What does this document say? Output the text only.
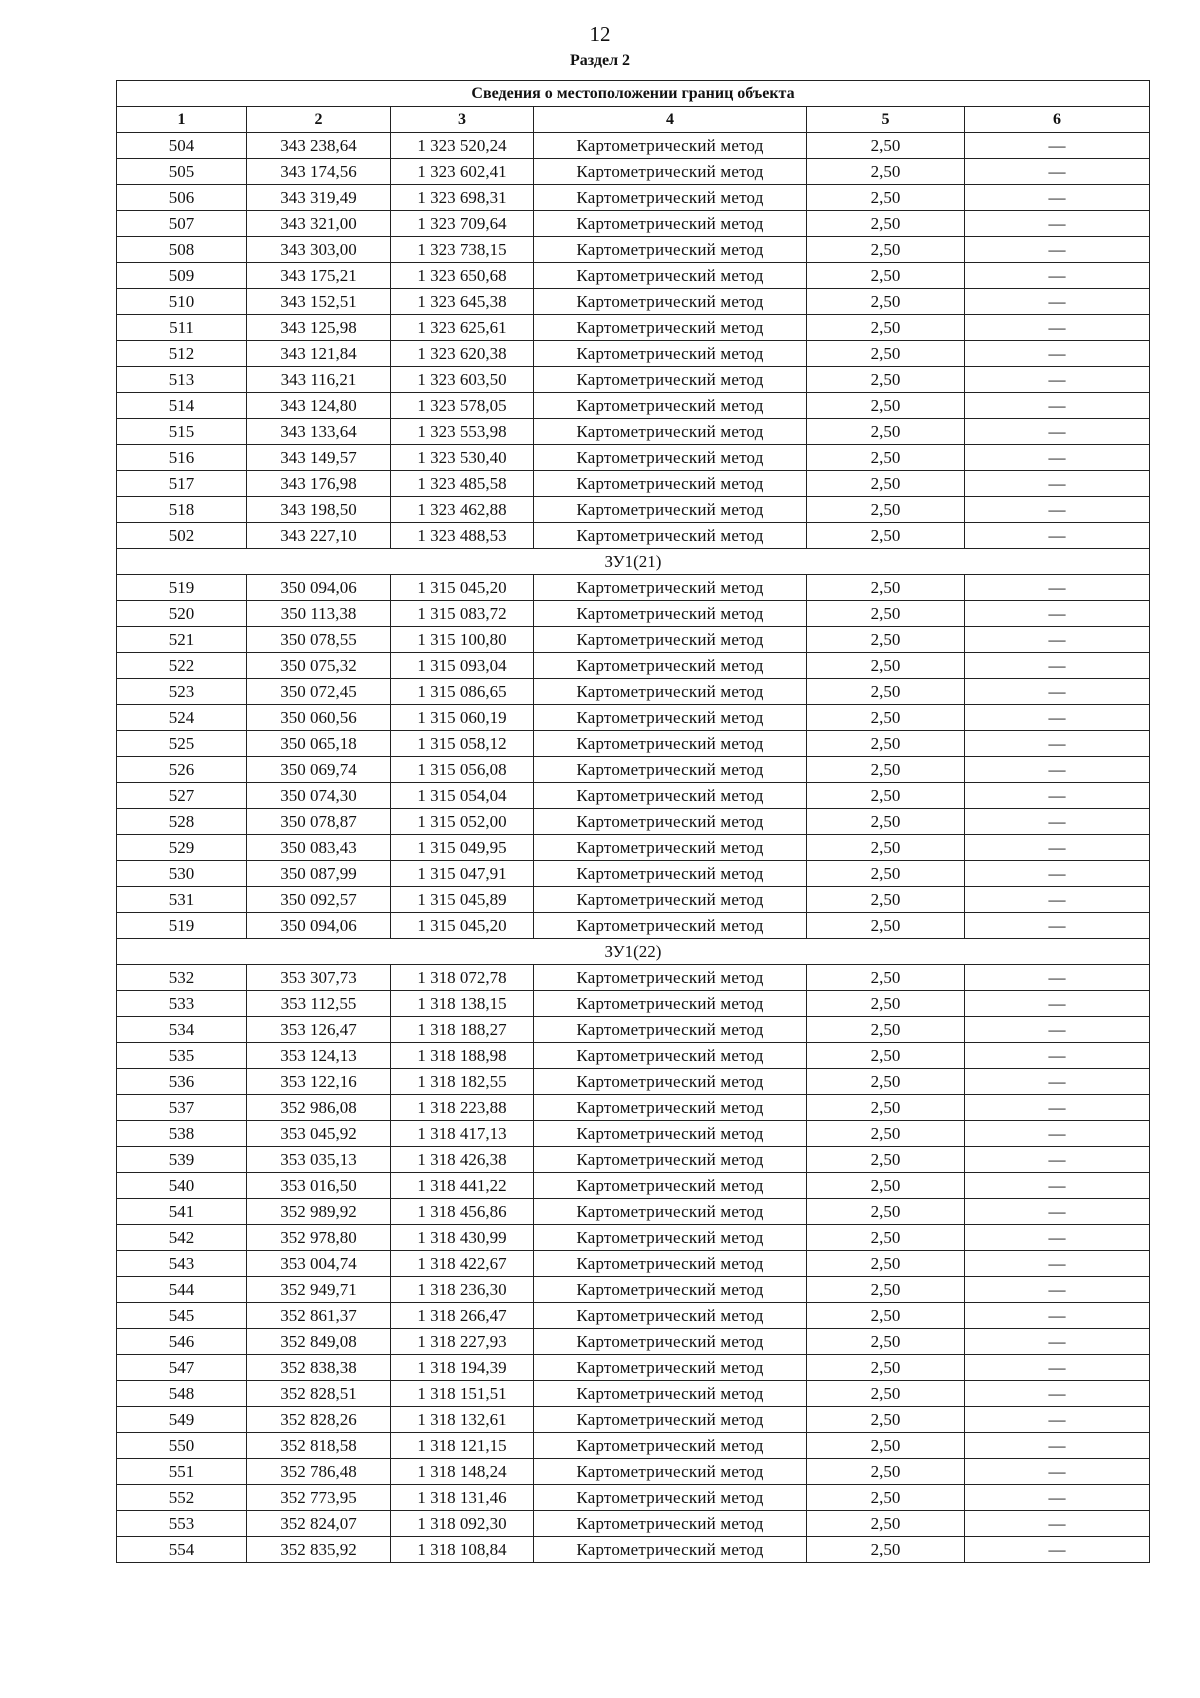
12
Раздел 2
Сведения о местоположении границ объекта					
1	2	3	4	5	6
504	343 238,64	1 323 520,24	Картометрический метод	2,50	—
505	343 174,56	1 323 602,41	Картометрический метод	2,50	—
506	343 319,49	1 323 698,31	Картометрический метод	2,50	—
507	343 321,00	1 323 709,64	Картометрический метод	2,50	—
508	343 303,00	1 323 738,15	Картометрический метод	2,50	—
509	343 175,21	1 323 650,68	Картометрический метод	2,50	—
510	343 152,51	1 323 645,38	Картометрический метод	2,50	—
511	343 125,98	1 323 625,61	Картометрический метод	2,50	—
512	343 121,84	1 323 620,38	Картометрический метод	2,50	—
513	343 116,21	1 323 603,50	Картометрический метод	2,50	—
514	343 124,80	1 323 578,05	Картометрический метод	2,50	—
515	343 133,64	1 323 553,98	Картометрический метод	2,50	—
516	343 149,57	1 323 530,40	Картометрический метод	2,50	—
517	343 176,98	1 323 485,58	Картометрический метод	2,50	—
518	343 198,50	1 323 462,88	Картометрический метод	2,50	—
502	343 227,10	1 323 488,53	Картометрический метод	2,50	—
ЗУ1(21)					
519	350 094,06	1 315 045,20	Картометрический метод	2,50	—
520	350 113,38	1 315 083,72	Картометрический метод	2,50	—
521	350 078,55	1 315 100,80	Картометрический метод	2,50	—
522	350 075,32	1 315 093,04	Картометрический метод	2,50	—
523	350 072,45	1 315 086,65	Картометрический метод	2,50	—
524	350 060,56	1 315 060,19	Картометрический метод	2,50	—
525	350 065,18	1 315 058,12	Картометрический метод	2,50	—
526	350 069,74	1 315 056,08	Картометрический метод	2,50	—
527	350 074,30	1 315 054,04	Картометрический метод	2,50	—
528	350 078,87	1 315 052,00	Картометрический метод	2,50	—
529	350 083,43	1 315 049,95	Картометрический метод	2,50	—
530	350 087,99	1 315 047,91	Картометрический метод	2,50	—
531	350 092,57	1 315 045,89	Картометрический метод	2,50	—
519	350 094,06	1 315 045,20	Картометрический метод	2,50	—
ЗУ1(22)					
532	353 307,73	1 318 072,78	Картометрический метод	2,50	—
533	353 112,55	1 318 138,15	Картометрический метод	2,50	—
534	353 126,47	1 318 188,27	Картометрический метод	2,50	—
535	353 124,13	1 318 188,98	Картометрический метод	2,50	—
536	353 122,16	1 318 182,55	Картометрический метод	2,50	—
537	352 986,08	1 318 223,88	Картометрический метод	2,50	—
538	353 045,92	1 318 417,13	Картометрический метод	2,50	—
539	353 035,13	1 318 426,38	Картометрический метод	2,50	—
540	353 016,50	1 318 441,22	Картометрический метод	2,50	—
541	352 989,92	1 318 456,86	Картометрический метод	2,50	—
542	352 978,80	1 318 430,99	Картометрический метод	2,50	—
543	353 004,74	1 318 422,67	Картометрический метод	2,50	—
544	352 949,71	1 318 236,30	Картометрический метод	2,50	—
545	352 861,37	1 318 266,47	Картометрический метод	2,50	—
546	352 849,08	1 318 227,93	Картометрический метод	2,50	—
547	352 838,38	1 318 194,39	Картометрический метод	2,50	—
548	352 828,51	1 318 151,51	Картометрический метод	2,50	—
549	352 828,26	1 318 132,61	Картометрический метод	2,50	—
550	352 818,58	1 318 121,15	Картометрический метод	2,50	—
551	352 786,48	1 318 148,24	Картометрический метод	2,50	—
552	352 773,95	1 318 131,46	Картометрический метод	2,50	—
553	352 824,07	1 318 092,30	Картометрический метод	2,50	—
554	352 835,92	1 318 108,84	Картометрический метод	2,50	—
